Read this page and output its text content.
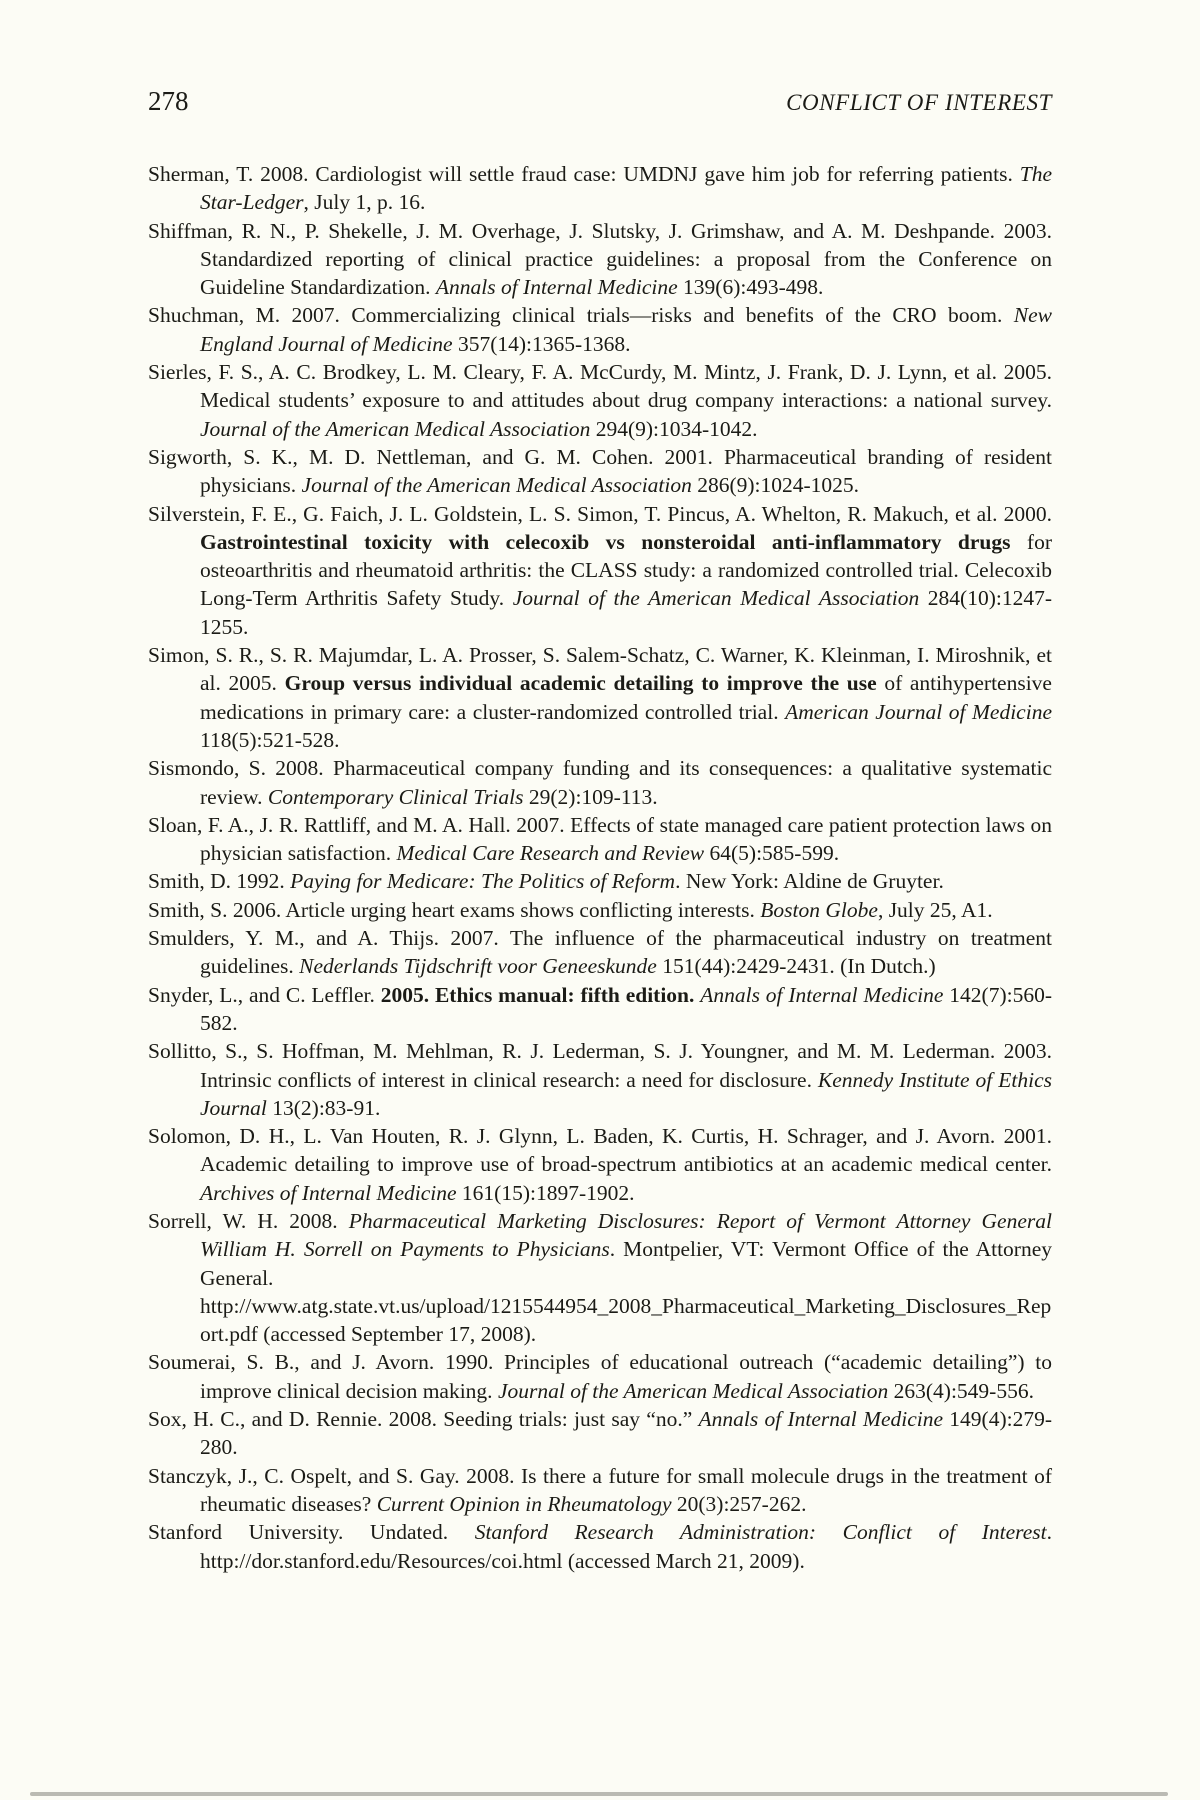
278	CONFLICT OF INTEREST

Sherman, T. 2008. Cardiologist will settle fraud case: UMDNJ gave him job for referring patients. The Star-Ledger, July 1, p. 16.

Shiffman, R. N., P. Shekelle, J. M. Overhage, J. Slutsky, J. Grimshaw, and A. M. Deshpande. 2003. Standardized reporting of clinical practice guidelines: a proposal from the Conference on Guideline Standardization. Annals of Internal Medicine 139(6):493-498.

Shuchman, M. 2007. Commercializing clinical trials—risks and benefits of the CRO boom. New England Journal of Medicine 357(14):1365-1368.

Sierles, F. S., A. C. Brodkey, L. M. Cleary, F. A. McCurdy, M. Mintz, J. Frank, D. J. Lynn, et al. 2005. Medical students’ exposure to and attitudes about drug company interactions: a national survey. Journal of the American Medical Association 294(9):1034-1042.

Sigworth, S. K., M. D. Nettleman, and G. M. Cohen. 2001. Pharmaceutical branding of resident physicians. Journal of the American Medical Association 286(9):1024-1025.

Silverstein, F. E., G. Faich, J. L. Goldstein, L. S. Simon, T. Pincus, A. Whelton, R. Makuch, et al. 2000. Gastrointestinal toxicity with celecoxib vs nonsteroidal anti-inflammatory drugs for osteoarthritis and rheumatoid arthritis: the CLASS study: a randomized controlled trial. Celecoxib Long-Term Arthritis Safety Study. Journal of the American Medical Association 284(10):1247-1255.

Simon, S. R., S. R. Majumdar, L. A. Prosser, S. Salem-Schatz, C. Warner, K. Kleinman, I. Miroshnik, et al. 2005. Group versus individual academic detailing to improve the use of antihypertensive medications in primary care: a cluster-randomized controlled trial. American Journal of Medicine 118(5):521-528.

Sismondo, S. 2008. Pharmaceutical company funding and its consequences: a qualitative systematic review. Contemporary Clinical Trials 29(2):109-113.

Sloan, F. A., J. R. Rattliff, and M. A. Hall. 2007. Effects of state managed care patient protection laws on physician satisfaction. Medical Care Research and Review 64(5):585-599.

Smith, D. 1992. Paying for Medicare: The Politics of Reform. New York: Aldine de Gruyter.

Smith, S. 2006. Article urging heart exams shows conflicting interests. Boston Globe, July 25, A1.

Smulders, Y. M., and A. Thijs. 2007. The influence of the pharmaceutical industry on treatment guidelines. Nederlands Tijdschrift voor Geneeskunde 151(44):2429-2431. (In Dutch.)

Snyder, L., and C. Leffler. 2005. Ethics manual: fifth edition. Annals of Internal Medicine 142(7):560-582.

Sollitto, S., S. Hoffman, M. Mehlman, R. J. Lederman, S. J. Youngner, and M. M. Lederman. 2003. Intrinsic conflicts of interest in clinical research: a need for disclosure. Kennedy Institute of Ethics Journal 13(2):83-91.

Solomon, D. H., L. Van Houten, R. J. Glynn, L. Baden, K. Curtis, H. Schrager, and J. Avorn. 2001. Academic detailing to improve use of broad-spectrum antibiotics at an academic medical center. Archives of Internal Medicine 161(15):1897-1902.

Sorrell, W. H. 2008. Pharmaceutical Marketing Disclosures: Report of Vermont Attorney General William H. Sorrell on Payments to Physicians. Montpelier, VT: Vermont Office of the Attorney General. http://www.atg.state.vt.us/upload/1215544954_2008_Pharmaceutical_Marketing_Disclosures_Report.pdf (accessed September 17, 2008).

Soumerai, S. B., and J. Avorn. 1990. Principles of educational outreach (“academic detailing”) to improve clinical decision making. Journal of the American Medical Association 263(4):549-556.

Sox, H. C., and D. Rennie. 2008. Seeding trials: just say “no.” Annals of Internal Medicine 149(4):279-280.

Stanczyk, J., C. Ospelt, and S. Gay. 2008. Is there a future for small molecule drugs in the treatment of rheumatic diseases? Current Opinion in Rheumatology 20(3):257-262.

Stanford University. Undated. Stanford Research Administration: Conflict of Interest. http://dor.stanford.edu/Resources/coi.html (accessed March 21, 2009).
